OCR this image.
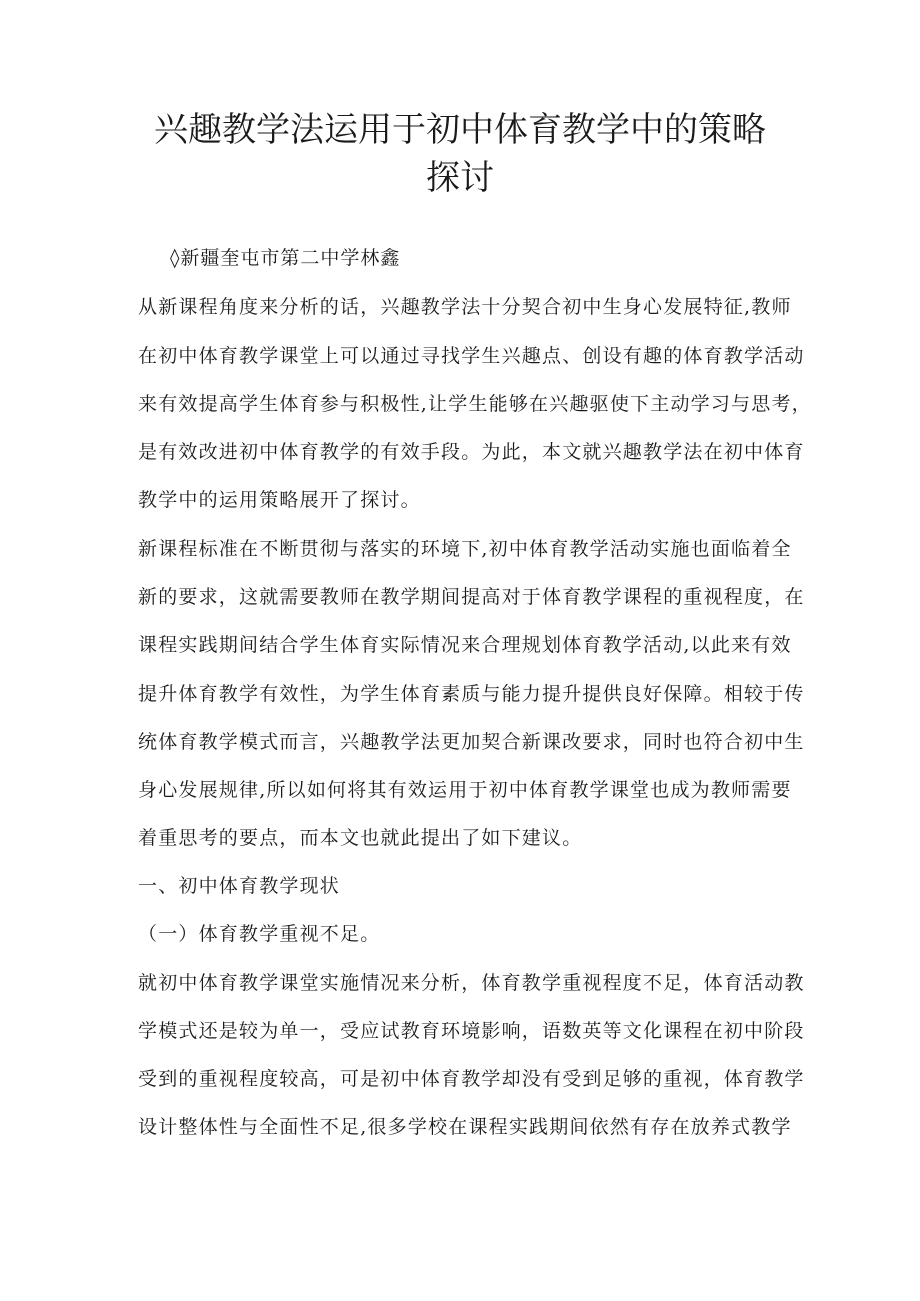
兴趣教学法运用于初中体育教学中的策略
探讨
◊新疆奎屯市第二中学林鑫
从新课程角度来分析的话，兴趣教学法十分契合初中生身心发展特征,教师
在初中体育教学课堂上可以通过寻找学生兴趣点、创设有趣的体育教学活动
来有效提高学生体育参与积极性,让学生能够在兴趣驱使下主动学习与思考，
是有效改进初中体育教学的有效手段。为此，本文就兴趣教学法在初中体育
教学中的运用策略展开了探讨。
新课程标准在不断贯彻与落实的环境下,初中体育教学活动实施也面临着全
新的要求，这就需要教师在教学期间提高对于体育教学课程的重视程度，在
课程实践期间结合学生体育实际情况来合理规划体育教学活动,以此来有效
提升体育教学有效性，为学生体育素质与能力提升提供良好保障。相较于传
统体育教学模式而言，兴趣教学法更加契合新课改要求，同时也符合初中生
身心发展规律,所以如何将其有效运用于初中体育教学课堂也成为教师需要
着重思考的要点，而本文也就此提出了如下建议。
一、初中体育教学现状
（一）体育教学重视不足。
就初中体育教学课堂实施情况来分析，体育教学重视程度不足，体育活动教
学模式还是较为单一，受应试教育环境影响，语数英等文化课程在初中阶段
受到的重视程度较高，可是初中体育教学却没有受到足够的重视，体育教学
设计整体性与全面性不足,很多学校在课程实践期间依然有存在放养式教学
